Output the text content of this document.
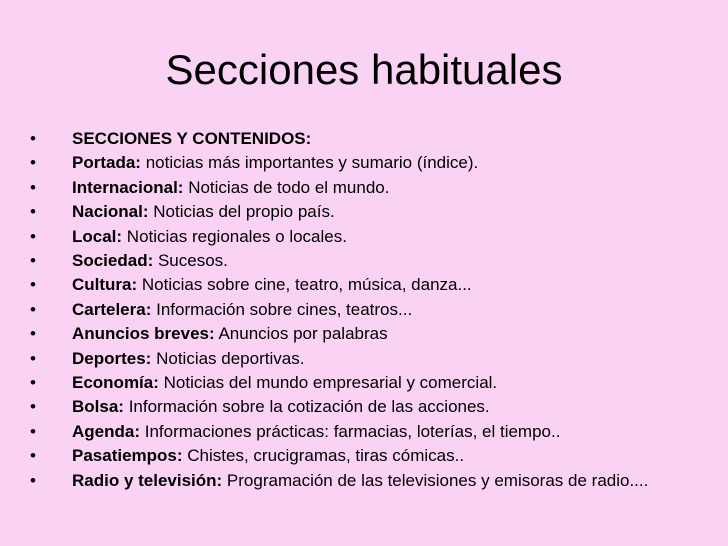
Secciones habituales
• SECCIONES Y CONTENIDOS:
• Portada: noticias más importantes y sumario (índice).
• Internacional: Noticias de todo el mundo.
• Nacional: Noticias del propio país.
• Local: Noticias regionales o locales.
• Sociedad: Sucesos.
• Cultura: Noticias sobre cine, teatro, música, danza...
• Cartelera: Información sobre cines, teatros...
• Anuncios breves: Anuncios por palabras
• Deportes: Noticias deportivas.
• Economía: Noticias del mundo empresarial y comercial.
• Bolsa: Información sobre la cotización de las acciones.
• Agenda: Informaciones prácticas: farmacias, loterías, el tiempo..
• Pasatiempos: Chistes, crucigramas, tiras cómicas..
• Radio y televisión: Programación de las televisiones y emisoras de radio....
